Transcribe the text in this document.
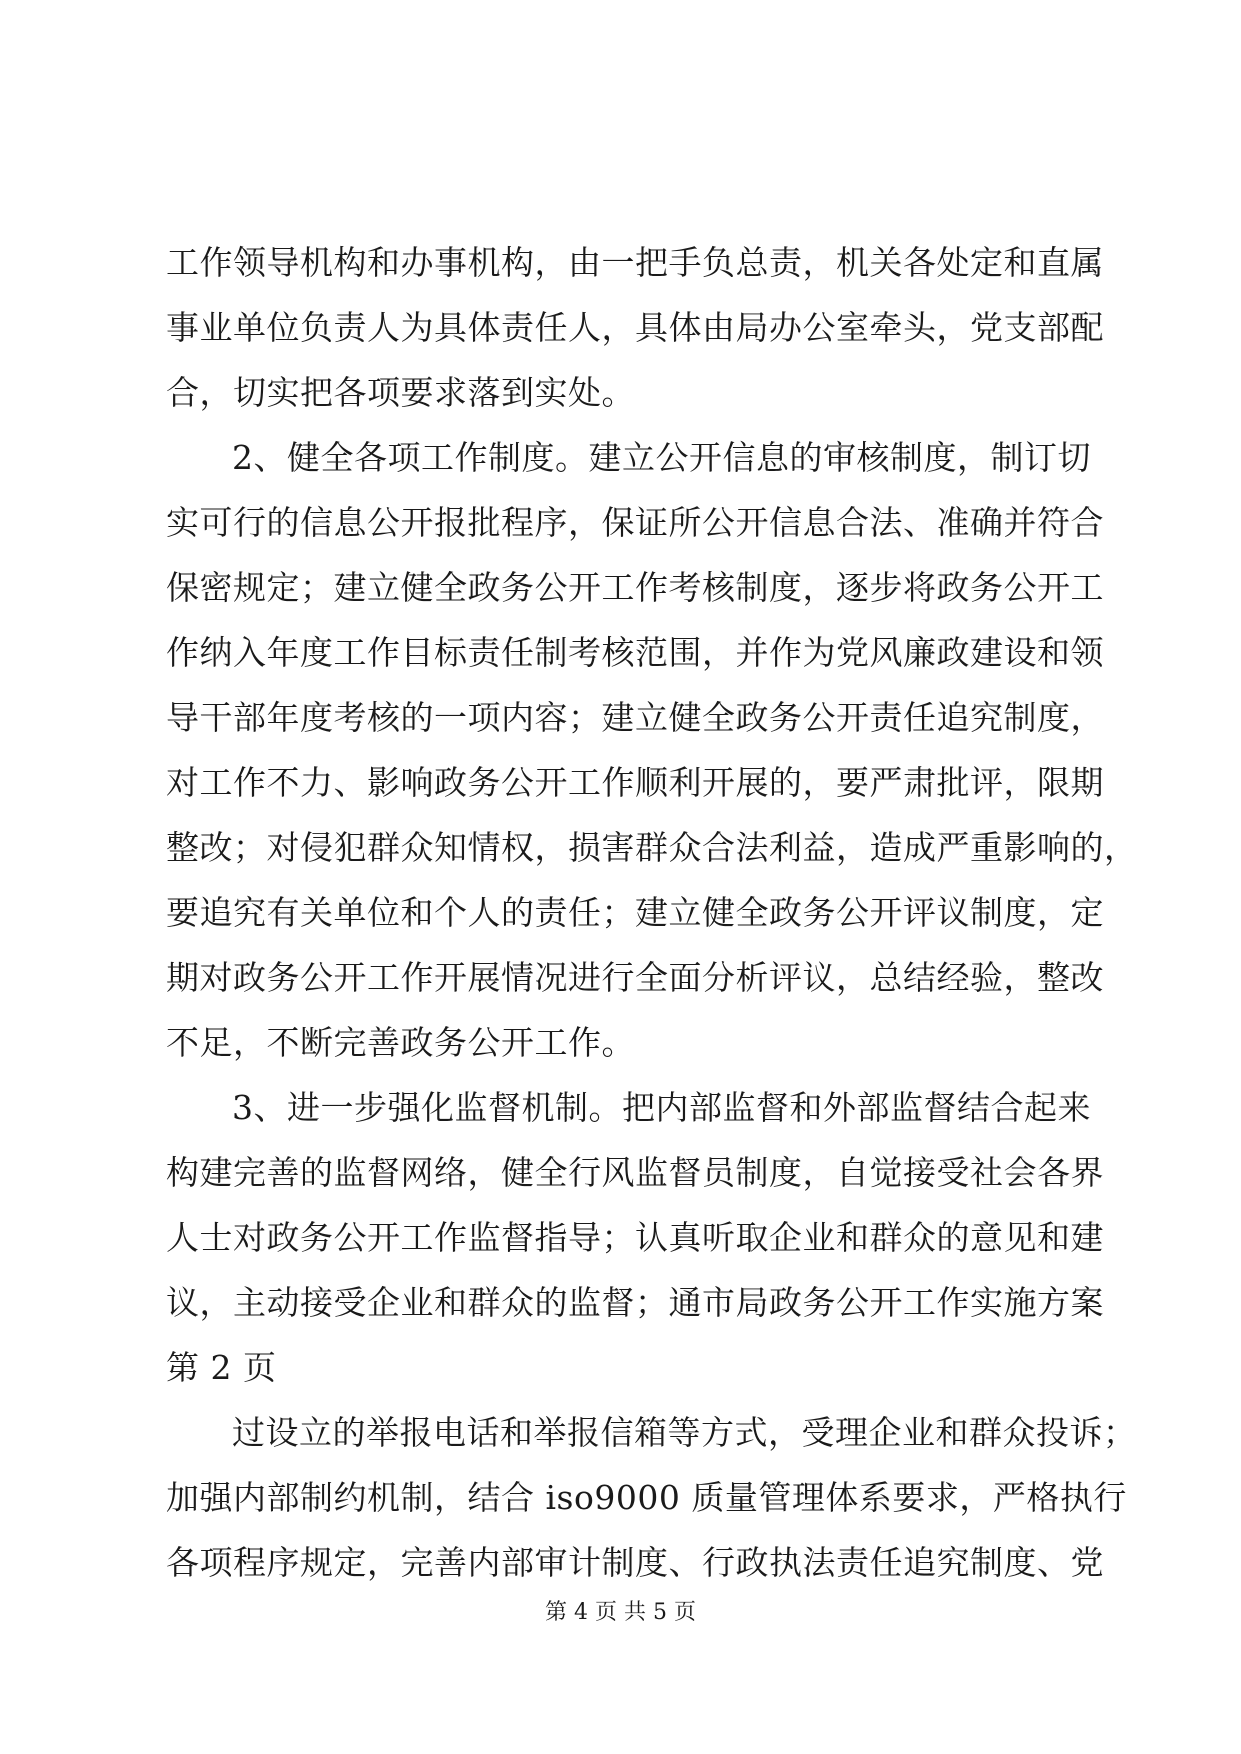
工作领导机构和办事机构，由一把手负总责，机关各处定和直属
事业单位负责人为具体责任人，具体由局办公室牵头，党支部配
合，切实把各项要求落到实处。
2、健全各项工作制度。建立公开信息的审核制度，制订切
实可行的信息公开报批程序，保证所公开信息合法、准确并符合
保密规定；建立健全政务公开工作考核制度，逐步将政务公开工
作纳入年度工作目标责任制考核范围，并作为党风廉政建设和领
导干部年度考核的一项内容；建立健全政务公开责任追究制度，
对工作不力、影响政务公开工作顺利开展的，要严肃批评，限期
整改；对侵犯群众知情权，损害群众合法利益，造成严重影响的，
要追究有关单位和个人的责任；建立健全政务公开评议制度，定
期对政务公开工作开展情况进行全面分析评议，总结经验，整改
不足，不断完善政务公开工作。
3、进一步强化监督机制。把内部监督和外部监督结合起来
构建完善的监督网络，健全行风监督员制度，自觉接受社会各界
人士对政务公开工作监督指导；认真听取企业和群众的意见和建
议，主动接受企业和群众的监督；通市局政务公开工作实施方案
第 2 页
过设立的举报电话和举报信箱等方式，受理企业和群众投诉；
加强内部制约机制，结合 iso9000 质量管理体系要求，严格执行
各项程序规定，完善内部审计制度、行政执法责任追究制度、党
第 4 页 共 5 页
